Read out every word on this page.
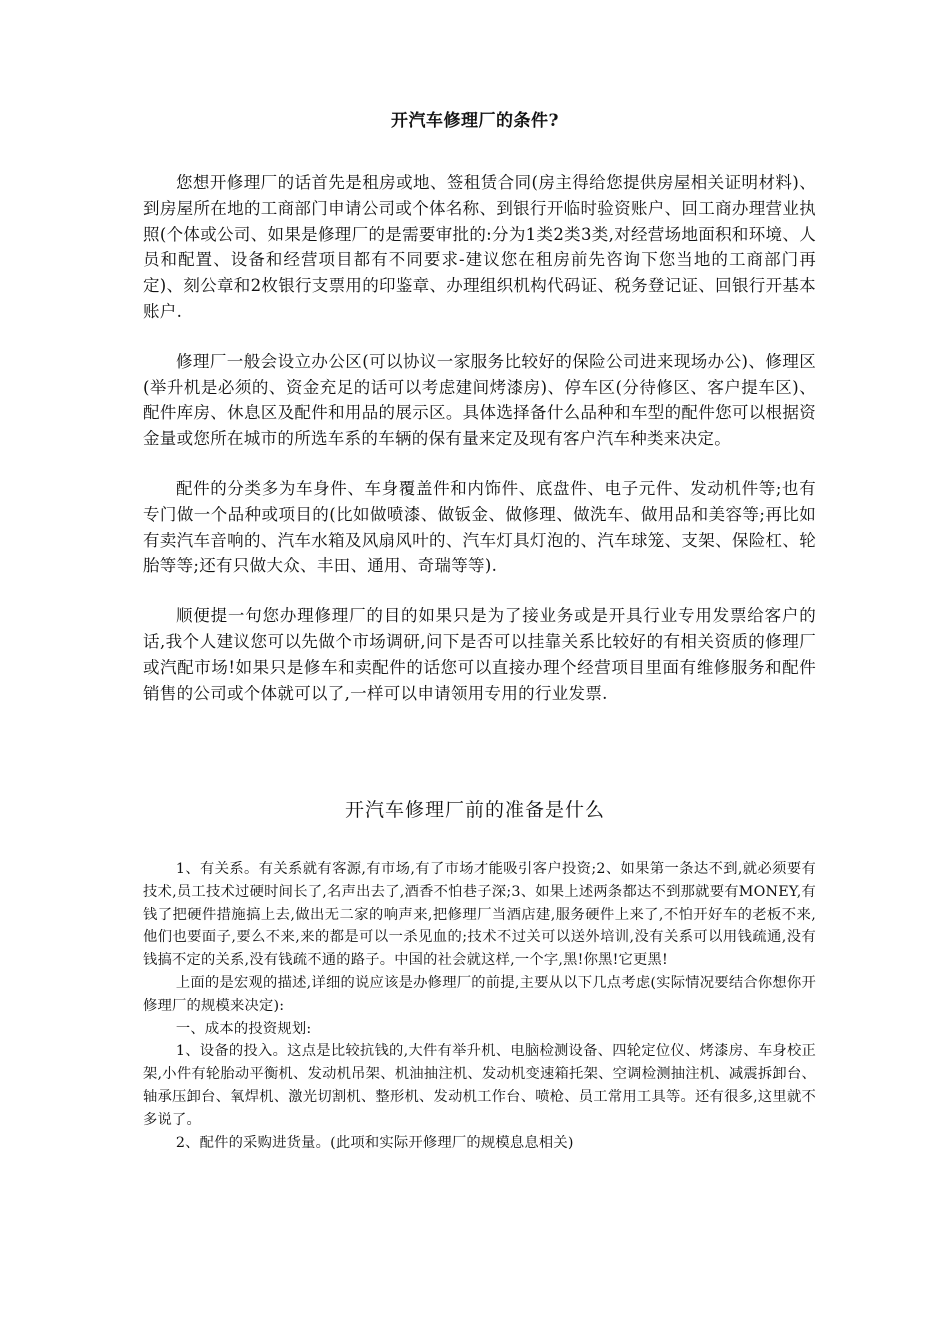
开汽车修理厂的条件?

您想开修理厂的话首先是租房或地、签租赁合同(房主得给您提供房屋相关证明材料)、到房屋所在地的工商部门申请公司或个体名称、到银行开临时验资账户、回工商办理营业执照(个体或公司、如果是修理厂的是需要审批的:分为1类2类3类,对经营场地面积和环境、人员和配置、设备和经营项目都有不同要求-建议您在租房前先咨询下您当地的工商部门再定)、刻公章和2枚银行支票用的印鉴章、办理组织机构代码证、税务登记证、回银行开基本账户.

修理厂一般会设立办公区(可以协议一家服务比较好的保险公司进来现场办公)、修理区(举升机是必须的、资金充足的话可以考虑建间烤漆房)、停车区(分待修区、客户提车区)、配件库房、休息区及配件和用品的展示区。具体选择备什么品种和车型的配件您可以根据资金量或您所在城市的所选车系的车辆的保有量来定及现有客户汽车种类来决定。

配件的分类多为车身件、车身覆盖件和内饰件、底盘件、电子元件、发动机件等;也有专门做一个品种或项目的(比如做喷漆、做钣金、做修理、做洗车、做用品和美容等;再比如有卖汽车音响的、汽车水箱及风扇风叶的、汽车灯具灯泡的、汽车球笼、支架、保险杠、轮胎等等;还有只做大众、丰田、通用、奇瑞等等).

顺便提一句您办理修理厂的目的如果只是为了接业务或是开具行业专用发票给客户的话,我个人建议您可以先做个市场调研,问下是否可以挂靠关系比较好的有相关资质的修理厂或汽配市场!如果只是修车和卖配件的话您可以直接办理个经营项目里面有维修服务和配件销售的公司或个体就可以了,一样可以申请领用专用的行业发票.

开汽车修理厂前的准备是什么

1、有关系。有关系就有客源,有市场,有了市场才能吸引客户投资;2、如果第一条达不到,就必须要有技术,员工技术过硬时间长了,名声出去了,酒香不怕巷子深;3、如果上述两条都达不到那就要有MONEY,有钱了把硬件措施搞上去,做出无二家的响声来,把修理厂当酒店建,服务硬件上来了,不怕开好车的老板不来,他们也要面子,要么不来,来的都是可以一杀见血的;技术不过关可以送外培训,没有关系可以用钱疏通,没有钱搞不定的关系,没有钱疏不通的路子。中国的社会就这样,一个字,黑!你黑!它更黑!

上面的是宏观的描述,详细的说应该是办修理厂的前提,主要从以下几点考虑(实际情况要结合你想你开修理厂的规模来决定):

一、成本的投资规划:

1、设备的投入。这点是比较抗钱的,大件有举升机、电脑检测设备、四轮定位仪、烤漆房、车身校正架,小件有轮胎动平衡机、发动机吊架、机油抽注机、发动机变速箱托架、空调检测抽注机、减震拆卸台、轴承压卸台、氧焊机、激光切割机、整形机、发动机工作台、喷枪、员工常用工具等。还有很多,这里就不多说了。

2、配件的采购进货量。(此项和实际开修理厂的规模息息相关)
